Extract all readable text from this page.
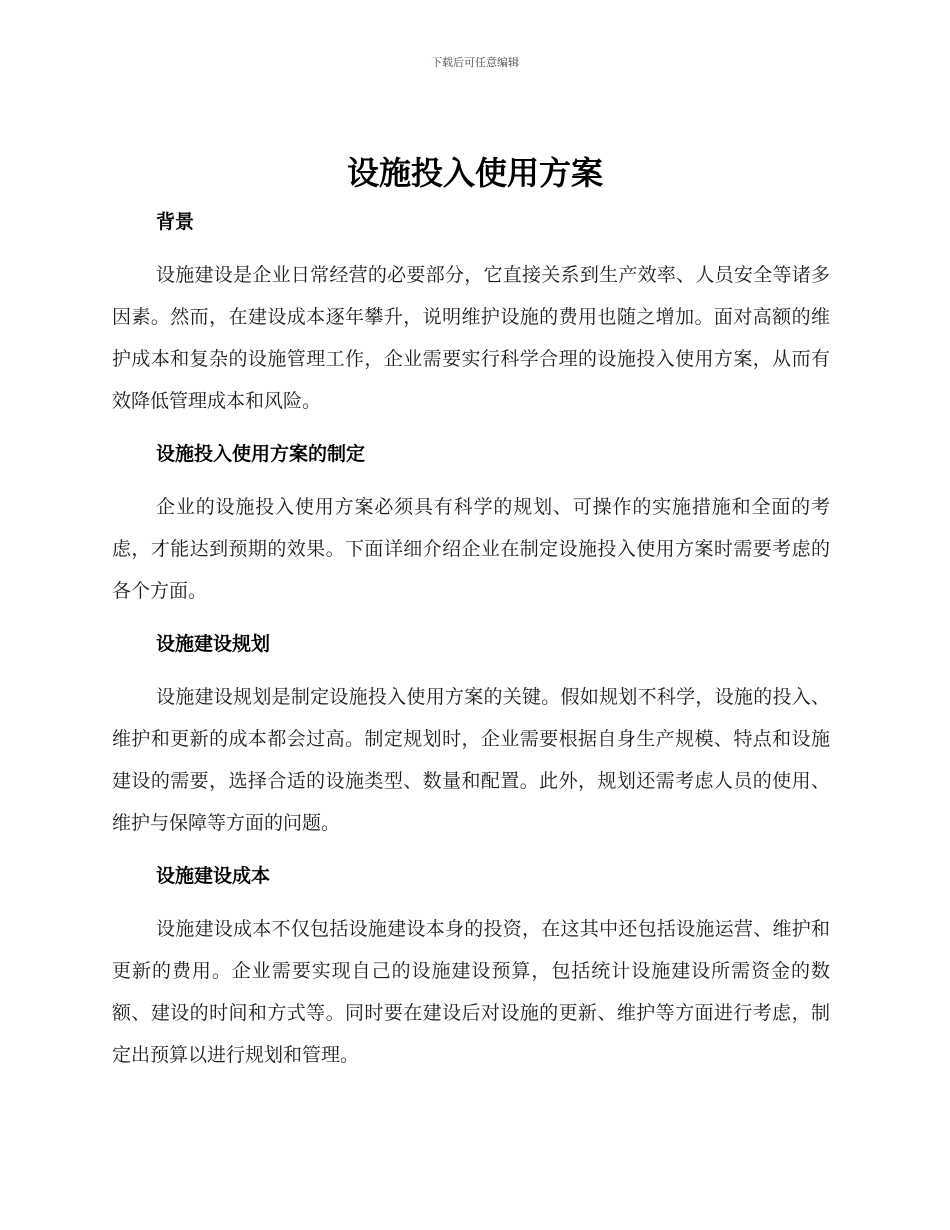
下载后可任意编辑
设施投入使用方案
背景

设施建设是企业日常经营的必要部分，它直接关系到生产效率、人员安全等诸多因素。然而，在建设成本逐年攀升，说明维护设施的费用也随之增加。面对高额的维护成本和复杂的设施管理工作，企业需要实行科学合理的设施投入使用方案，从而有效降低管理成本和风险。

设施投入使用方案的制定

企业的设施投入使用方案必须具有科学的规划、可操作的实施措施和全面的考虑，才能达到预期的效果。下面详细介绍企业在制定设施投入使用方案时需要考虑的各个方面。

设施建设规划

设施建设规划是制定设施投入使用方案的关键。假如规划不科学，设施的投入、维护和更新的成本都会过高。制定规划时，企业需要根据自身生产规模、特点和设施建设的需要，选择合适的设施类型、数量和配置。此外，规划还需考虑人员的使用、维护与保障等方面的问题。

设施建设成本

设施建设成本不仅包括设施建设本身的投资，在这其中还包括设施运营、维护和更新的费用。企业需要实现自己的设施建设预算，包括统计设施建设所需资金的数额、建设的时间和方式等。同时要在建设后对设施的更新、维护等方面进行考虑，制定出预算以进行规划和管理。
